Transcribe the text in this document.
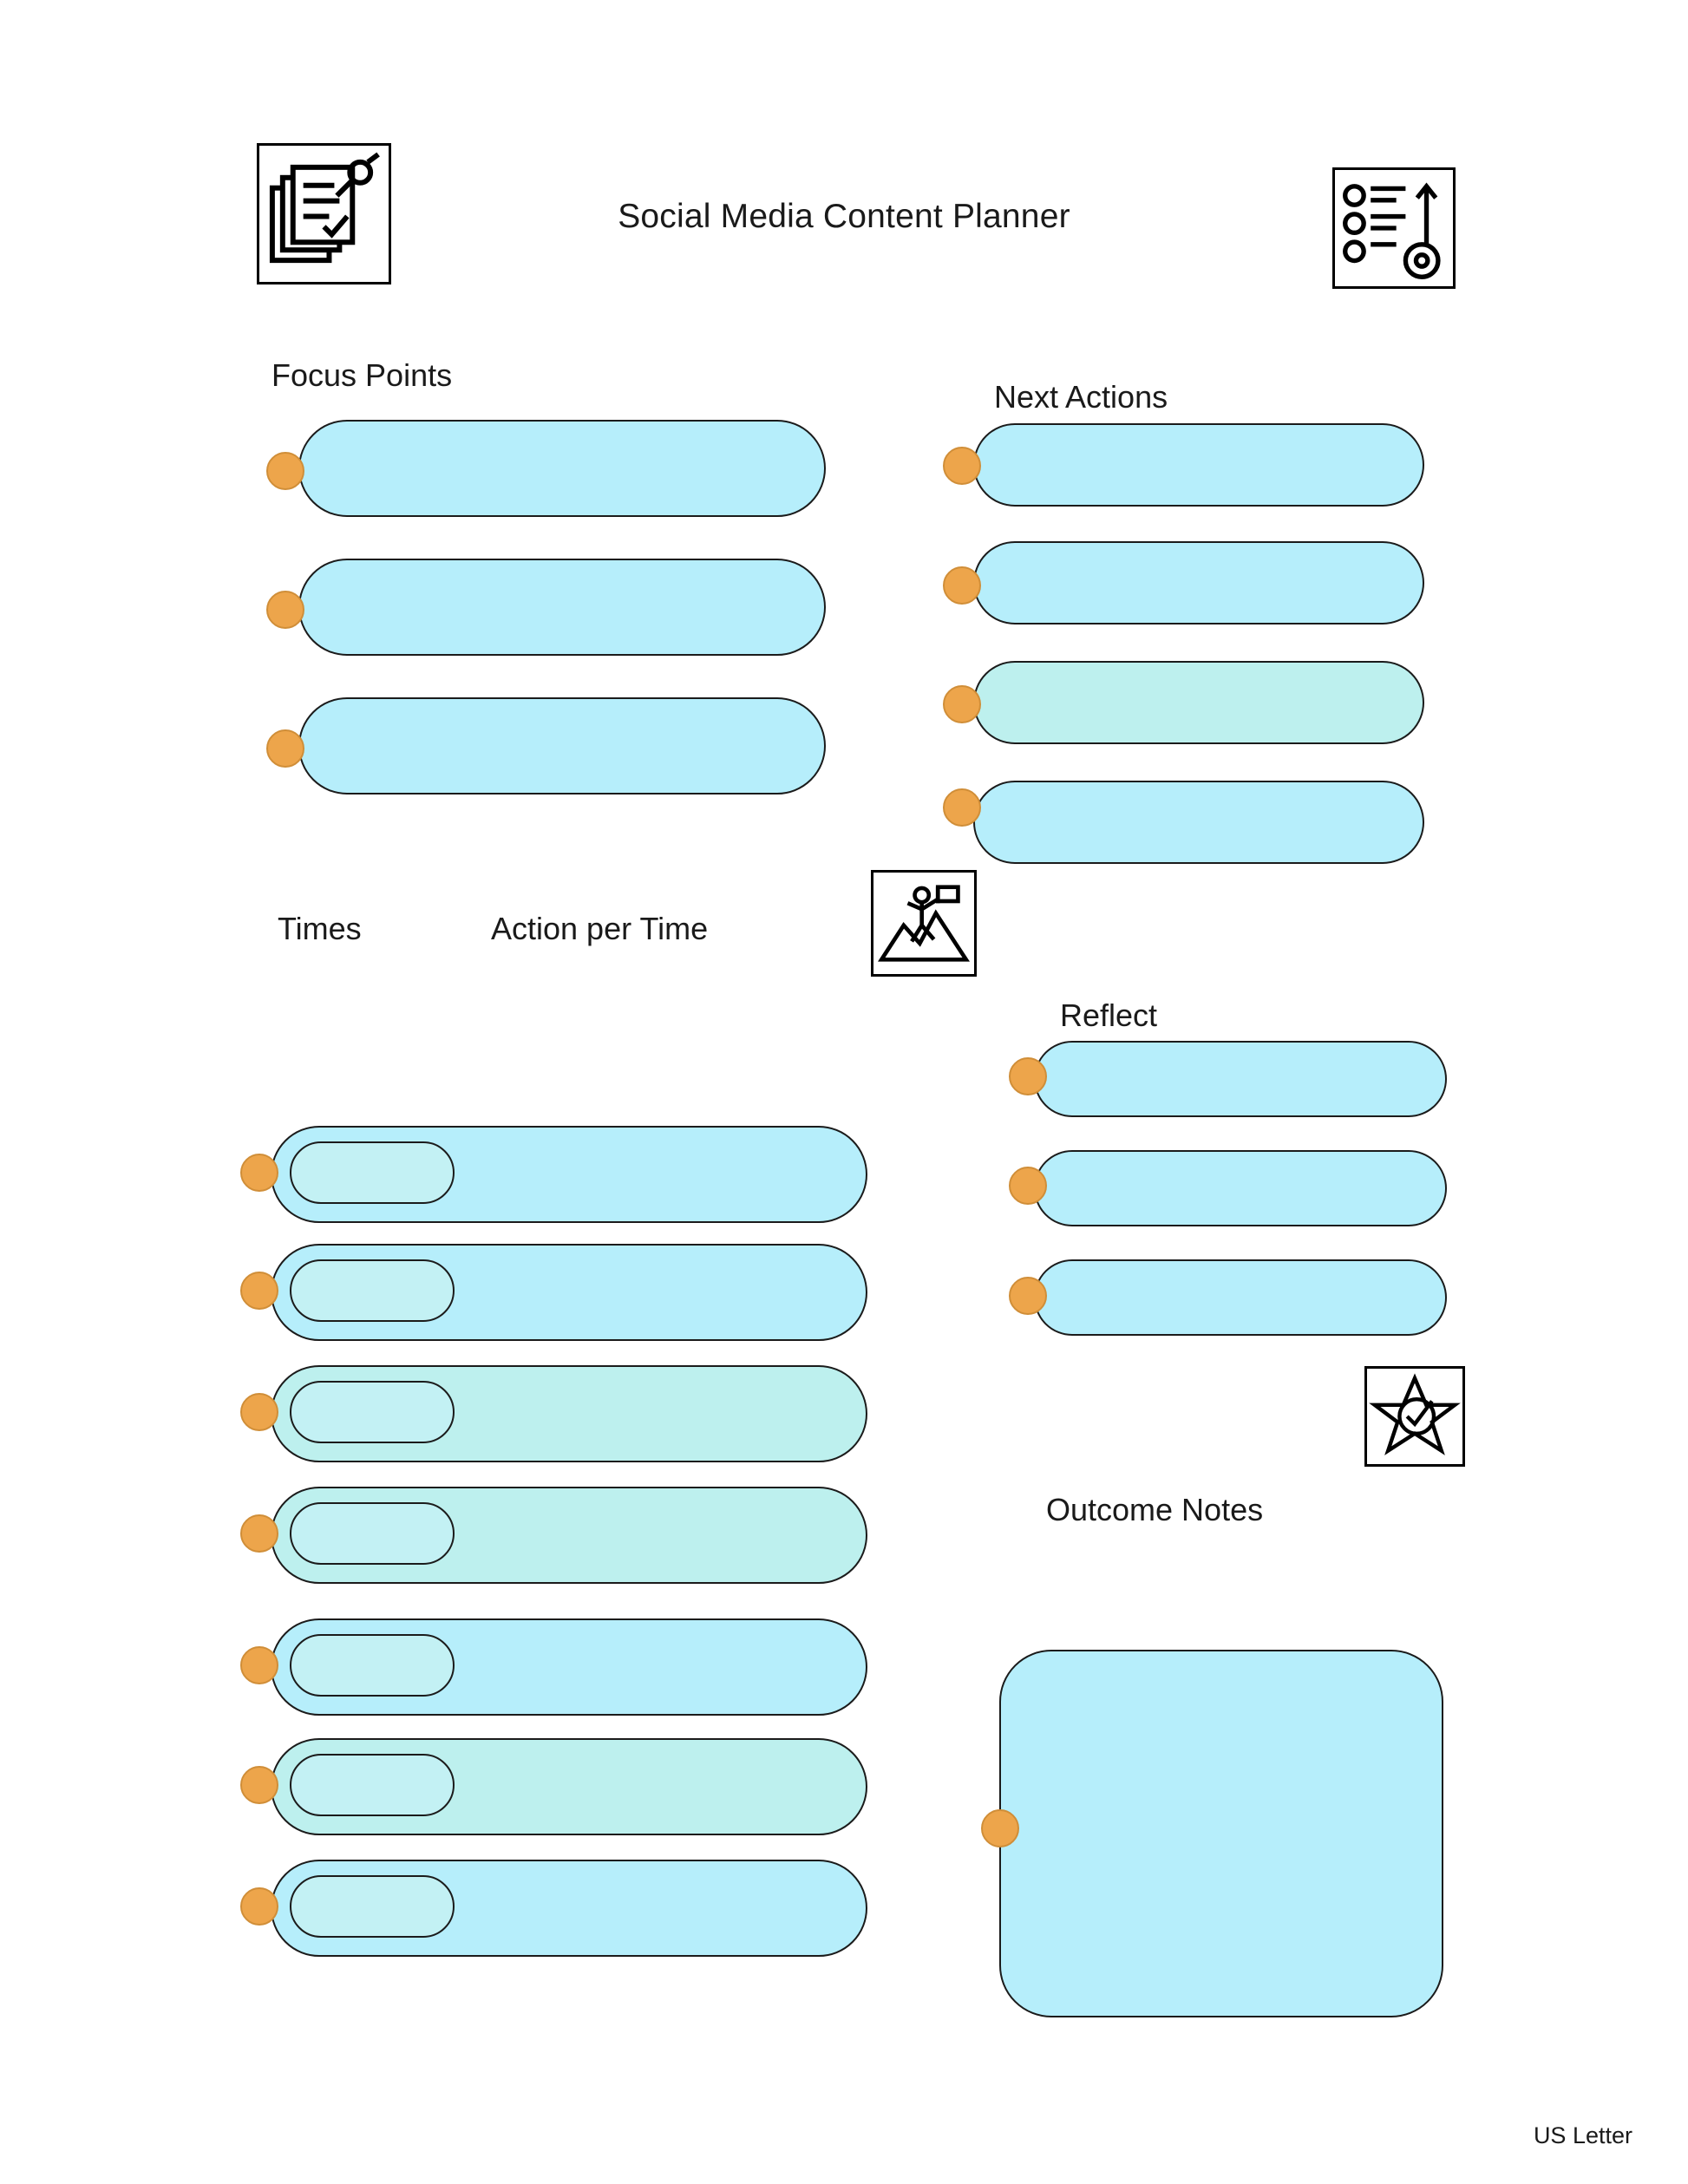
Social Media Content Planner
Focus Points
Next Actions
Times	Action per Time
Reflect
Outcome Notes
US Letter
